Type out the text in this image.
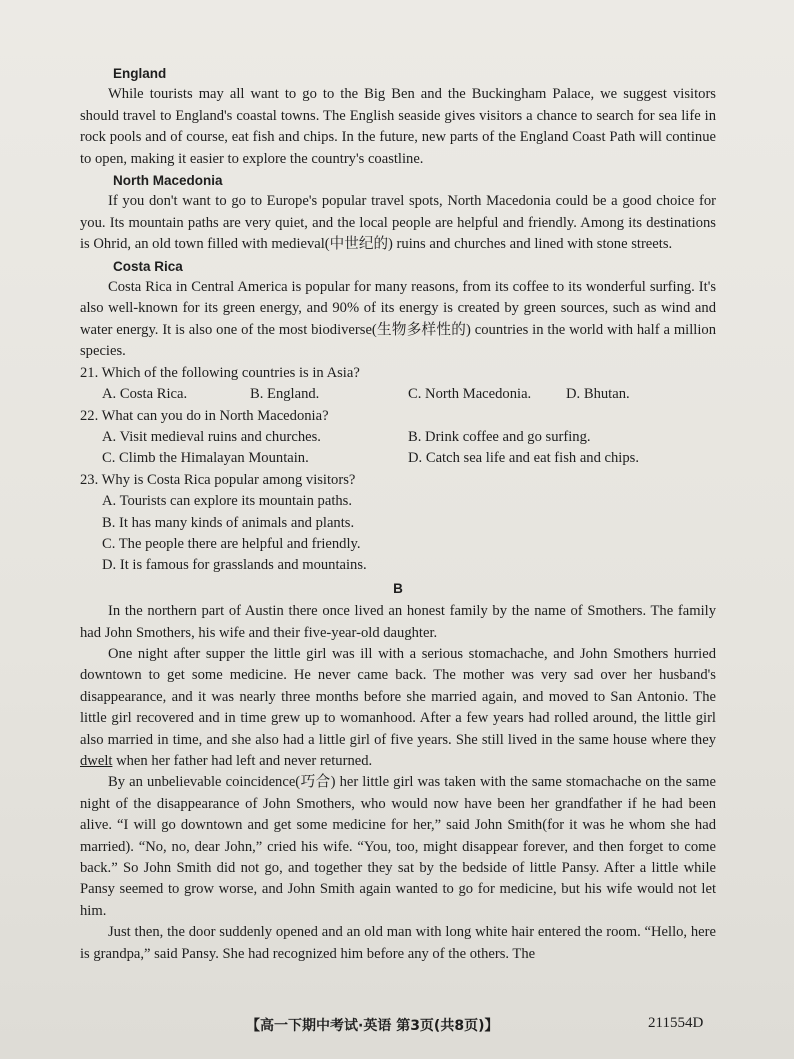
England

While tourists may all want to go to the Big Ben and the Buckingham Palace, we suggest visitors should travel to England's coastal towns. The English seaside gives visitors a chance to search for sea life in rock pools and of course, eat fish and chips. In the future, new parts of the England Coast Path will continue to open, making it easier to explore the country's coastline.

North Macedonia

If you don't want to go to Europe's popular travel spots, North Macedonia could be a good choice for you. Its mountain paths are very quiet, and the local people are helpful and friendly. Among its destinations is Ohrid, an old town filled with medieval(中世纪的) ruins and churches and lined with stone streets.

Costa Rica

Costa Rica in Central America is popular for many reasons, from its coffee to its wonderful surfing. It's also well-known for its green energy, and 90% of its energy is created by green sources, such as wind and water energy. It is also one of the most biodiverse(生物多样性的) countries in the world with half a million species.

21. Which of the following countries is in Asia?
A. Costa Rica.	B. England.	C. North Macedonia.	D. Bhutan.
22. What can you do in North Macedonia?
A. Visit medieval ruins and churches.	B. Drink coffee and go surfing.
C. Climb the Himalayan Mountain.	D. Catch sea life and eat fish and chips.
23. Why is Costa Rica popular among visitors?
A. Tourists can explore its mountain paths.
B. It has many kinds of animals and plants.
C. The people there are helpful and friendly.
D. It is famous for grasslands and mountains.
B

In the northern part of Austin there once lived an honest family by the name of Smothers. The family had John Smothers, his wife and their five-year-old daughter.

One night after supper the little girl was ill with a serious stomachache, and John Smothers hurried downtown to get some medicine. He never came back. The mother was very sad over her husband's disappearance, and it was nearly three months before she married again, and moved to San Antonio. The little girl recovered and in time grew up to womanhood. After a few years had rolled around, the little girl also married in time, and she also had a little girl of five years. She still lived in the same house where they dwelt when her father had left and never returned.

By an unbelievable coincidence(巧合) her little girl was taken with the same stomachache on the same night of the disappearance of John Smothers, who would now have been her grandfather if he had been alive. “I will go downtown and get some medicine for her,” said John Smith(for it was he whom she had married). “No, no, dear John,” cried his wife. “You, too, might disappear forever, and then forget to come back.” So John Smith did not go, and together they sat by the bedside of little Pansy. After a little while Pansy seemed to grow worse, and John Smith again wanted to go for medicine, but his wife would not let him.

Just then, the door suddenly opened and an old man with long white hair entered the room. “Hello, here is grandpa,” said Pansy. She had recognized him before any of the others. The

【高一下期中考试·英语 第3页(共8页)】	211554D
